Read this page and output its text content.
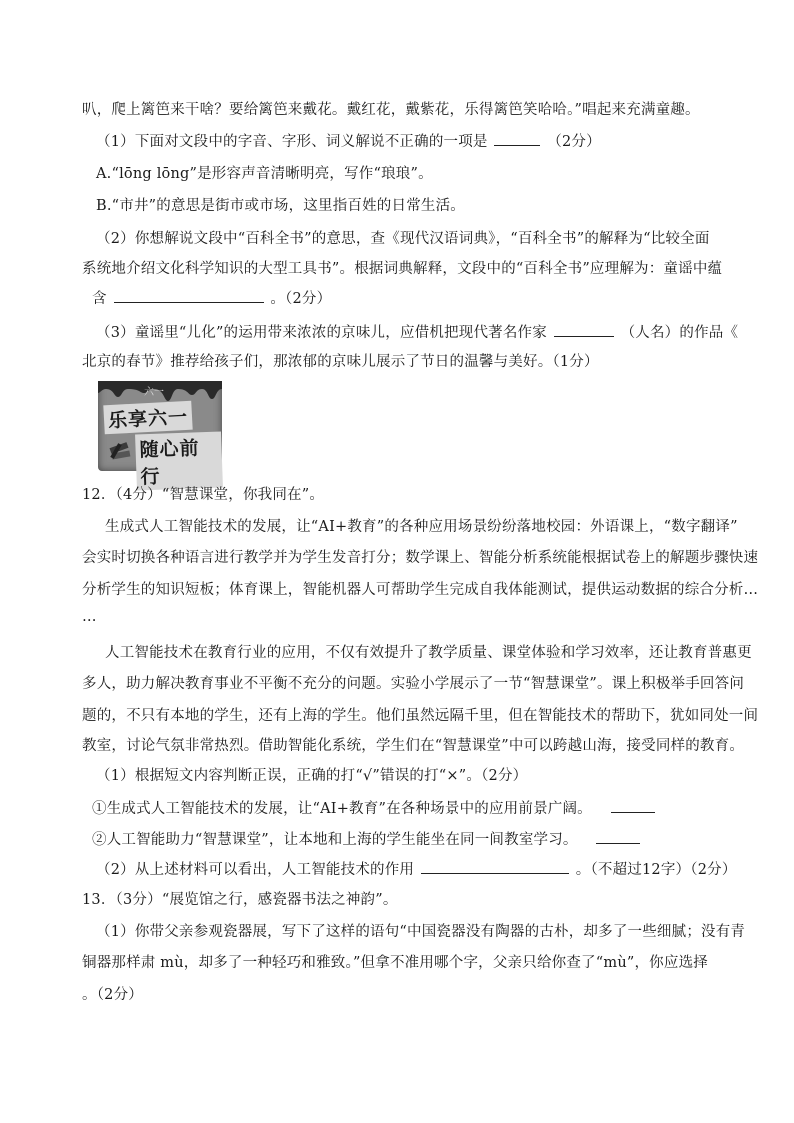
叭，爬上篱笆来干啥？要给篱笆来戴花。戴红花，戴紫花，乐得篱笆笑哈哈。”唱起来充满童趣。
（1）下面对文段中的字音、字形、词义解说不正确的一项是	（2分）
A.“lōng lōng”是形容声音清晰明亮，写作“琅琅”。
B.“市井”的意思是街市或市场，这里指百姓的日常生活。
（2）你想解说文段中“百科全书”的意思，查《现代汉语词典》，“百科全书”的解释为“比较全面
系统地介绍文化科学知识的大型工具书”。根据词典解释，文段中的“百科全书”应理解为：童谣中蕴
含	。（2分）
（3）童谣里“儿化”的运用带来浓浓的京味儿，应借机把现代著名作家	（人名）的作品《
北京的春节》推荐给孩子们，那浓郁的京味儿展示了节日的温馨与美好。（1分）
六一
乐享六一
随心前行
12．（4分）“智慧课堂，你我同在”。
生成式人工智能技术的发展，让“AI+教育”的各种应用场景纷纷落地校园：外语课上，“数字翻译”
会实时切换各种语言进行教学并为学生发音打分；数学课上、智能分析系统能根据试卷上的解题步骤快速
分析学生的知识短板；体育课上，智能机器人可帮助学生完成自我体能测试，提供运动数据的综合分析…
…
人工智能技术在教育行业的应用，不仅有效提升了教学质量、课堂体验和学习效率，还让教育普惠更
多人，助力解决教育事业不平衡不充分的问题。实验小学展示了一节“智慧课堂”。课上积极举手回答问
题的，不只有本地的学生，还有上海的学生。他们虽然远隔千里，但在智能技术的帮助下，犹如同处一间
教室，讨论气氛非常热烈。借助智能化系统，学生们在“智慧课堂”中可以跨越山海，接受同样的教育。
（1）根据短文内容判断正误，正确的打“√”错误的打“×”。（2分）
①生成式人工智能技术的发展，让“AI+教育”在各种场景中的应用前景广阔。
②人工智能助力“智慧课堂”，让本地和上海的学生能坐在同一间教室学习。
（2）从上述材料可以看出，人工智能技术的作用	。（不超过12字）（2分）
13．（3分）“展览馆之行，感瓷器书法之神韵”。
（1）你带父亲参观瓷器展，写下了这样的语句“中国瓷器没有陶器的古朴，却多了一些细腻；没有青
铜器那样肃 mù，却多了一种轻巧和雅致。”但拿不准用哪个字，父亲只给你查了“mù”，你应选择
。（2分）
